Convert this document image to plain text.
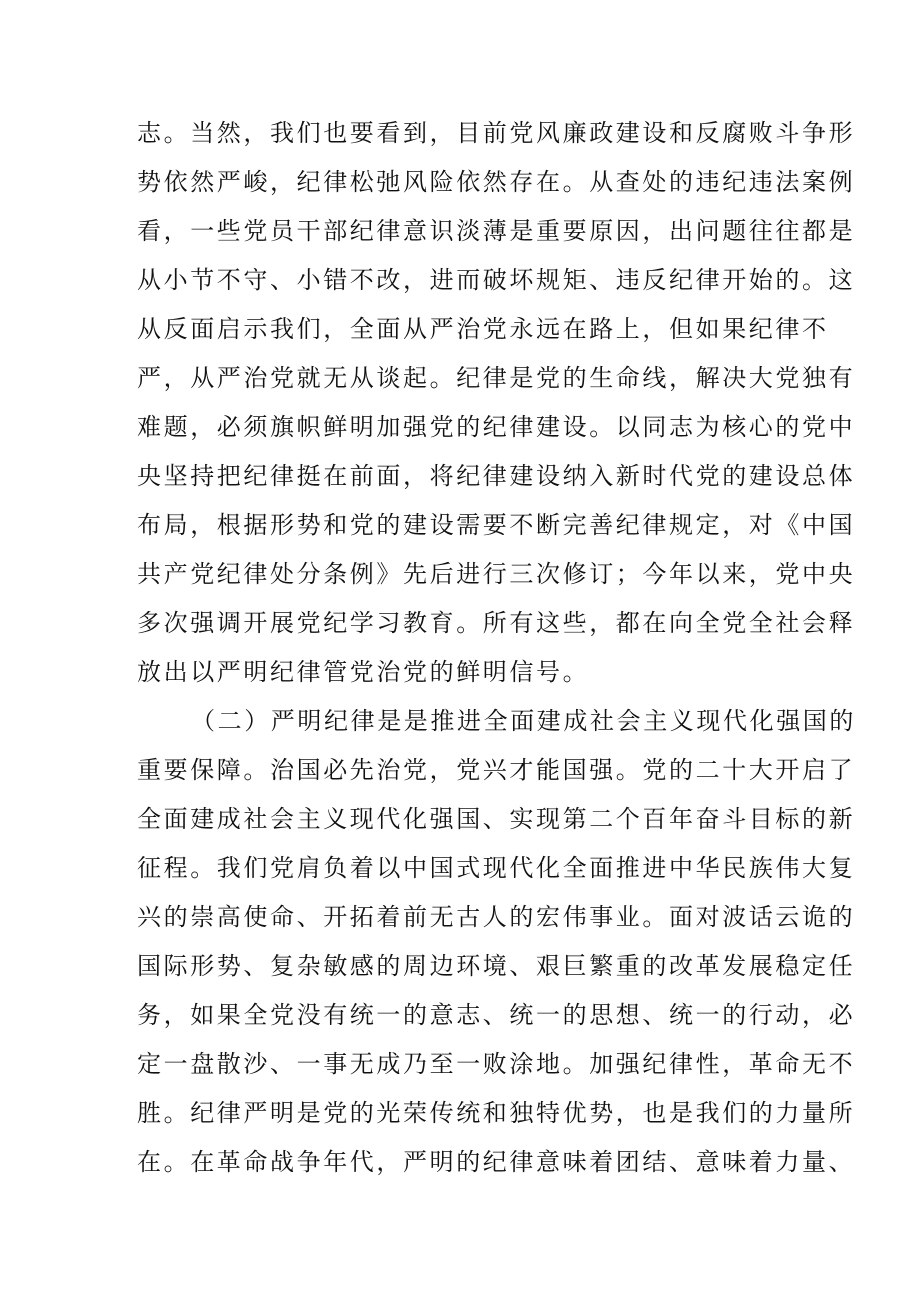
志。当然，我们也要看到，目前党风廉政建设和反腐败斗争形
势依然严峻，纪律松弛风险依然存在。从查处的违纪违法案例
看，一些党员干部纪律意识淡薄是重要原因，出问题往往都是
从小节不守、小错不改，进而破坏规矩、违反纪律开始的。这
从反面启示我们，全面从严治党永远在路上，但如果纪律不
严，从严治党就无从谈起。纪律是党的生命线，解决大党独有
难题，必须旗帜鲜明加强党的纪律建设。以同志为核心的党中
央坚持把纪律挺在前面，将纪律建设纳入新时代党的建设总体
布局，根据形势和党的建设需要不断完善纪律规定，对《中国
共产党纪律处分条例》先后进行三次修订；今年以来，党中央
多次强调开展党纪学习教育。所有这些，都在向全党全社会释
放出以严明纪律管党治党的鲜明信号。
（二）严明纪律是是推进全面建成社会主义现代化强国的
重要保障。治国必先治党，党兴才能国强。党的二十大开启了
全面建成社会主义现代化强国、实现第二个百年奋斗目标的新
征程。我们党肩负着以中国式现代化全面推进中华民族伟大复
兴的崇高使命、开拓着前无古人的宏伟事业。面对波话云诡的
国际形势、复杂敏感的周边环境、艰巨繁重的改革发展稳定任
务，如果全党没有统一的意志、统一的思想、统一的行动，必
定一盘散沙、一事无成乃至一败涂地。加强纪律性，革命无不
胜。纪律严明是党的光荣传统和独特优势，也是我们的力量所
在。在革命战争年代，严明的纪律意味着团结、意味着力量、
